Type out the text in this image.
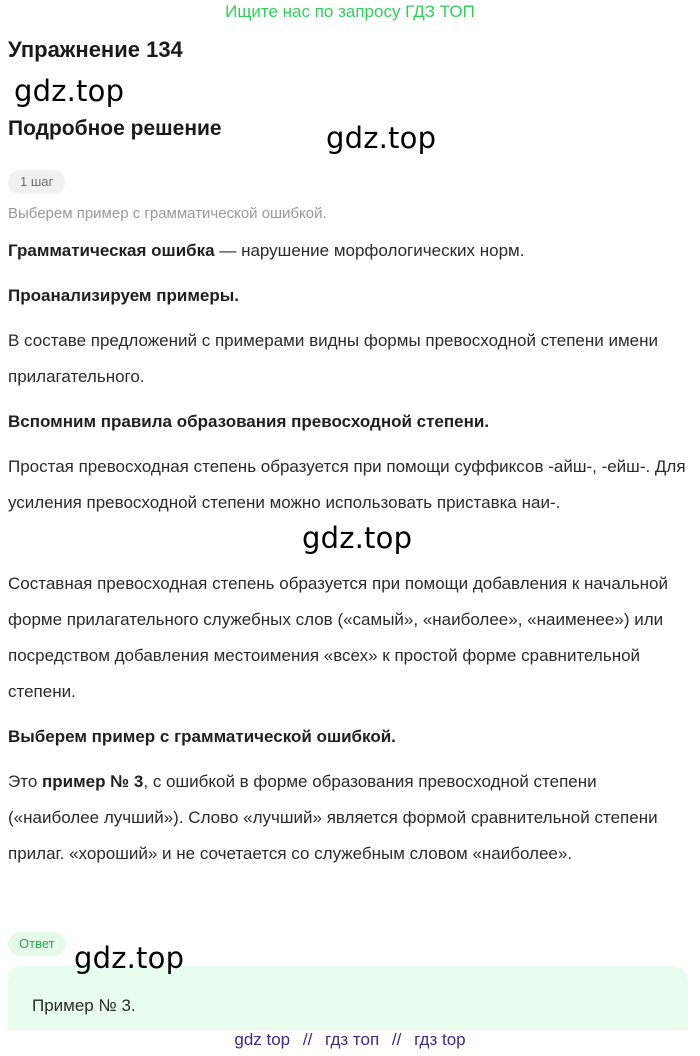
Ищите нас по запросу ГДЗ ТОП
Упражнение 134
gdz.top
Подробное решение	gdz.top
1 шаг
Выберем пример с грамматической ошибкой.

Грамматическая ошибка — нарушение морфологических норм.

Проанализируем примеры.

В составе предложений с примерами видны формы превосходной степени имени прилагательного.

Вспомним правила образования превосходной степени.

Простая превосходная степень образуется при помощи суффиксов -айш-, -ейш-. Для усиления превосходной степени можно использовать приставка наи-.

gdz.top

Составная превосходная степень образуется при помощи добавления к начальной форме прилагательного служебных слов («самый», «наиболее», «наименее») или посредством добавления местоимения «всех» к простой форме сравнительной степени.

Выберем пример с грамматической ошибкой.

Это пример № 3, с ошибкой в форме образования превосходной степени («наиболее лучший»). Слово «лучший» является формой сравнительной степени прилаг. «хороший» и не сочетается со служебным словом «наиболее».

Ответ
Пример № 3.
gdz.top
gdz top // гдз топ // гдз top
